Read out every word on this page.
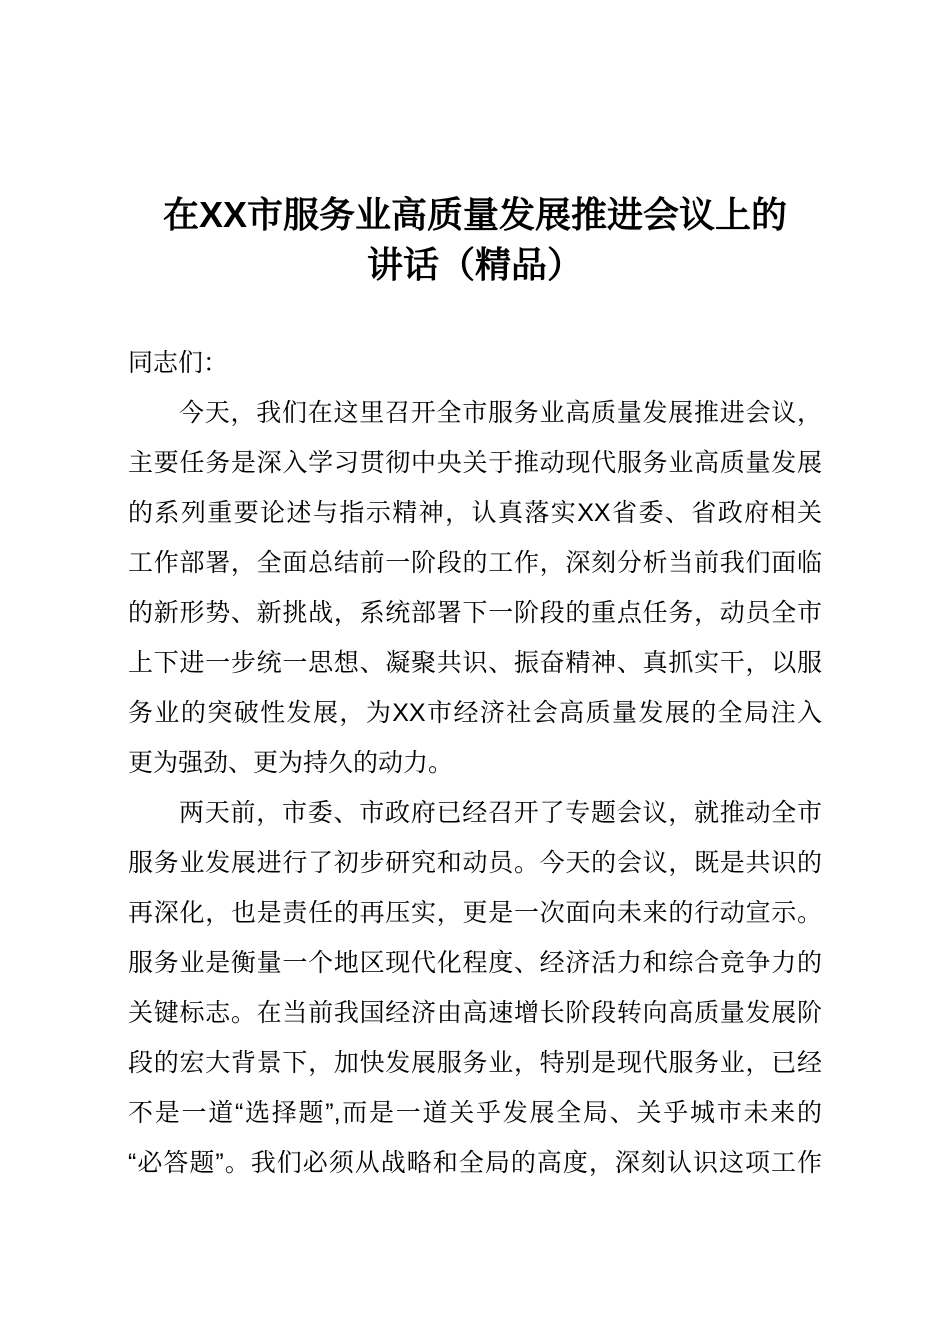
在XX市服务业高质量发展推进会议上的
讲话（精品）
同志们：
今天，我们在这里召开全市服务业高质量发展推进会议，
主要任务是深入学习贯彻中央关于推动现代服务业高质量发展
的系列重要论述与指示精神，认真落实XX省委、省政府相关
工作部署，全面总结前一阶段的工作，深刻分析当前我们面临
的新形势、新挑战，系统部署下一阶段的重点任务，动员全市
上下进一步统一思想、凝聚共识、振奋精神、真抓实干，以服
务业的突破性发展，为XX市经济社会高质量发展的全局注入
更为强劲、更为持久的动力。
两天前，市委、市政府已经召开了专题会议，就推动全市
服务业发展进行了初步研究和动员。今天的会议，既是共识的
再深化，也是责任的再压实，更是一次面向未来的行动宣示。
服务业是衡量一个地区现代化程度、经济活力和综合竞争力的
关键标志。在当前我国经济由高速增长阶段转向高质量发展阶
段的宏大背景下，加快发展服务业，特别是现代服务业，已经
不是一道“选择题”,而是一道关乎发展全局、关乎城市未来的
“必答题”。我们必须从战略和全局的高度，深刻认识这项工作
